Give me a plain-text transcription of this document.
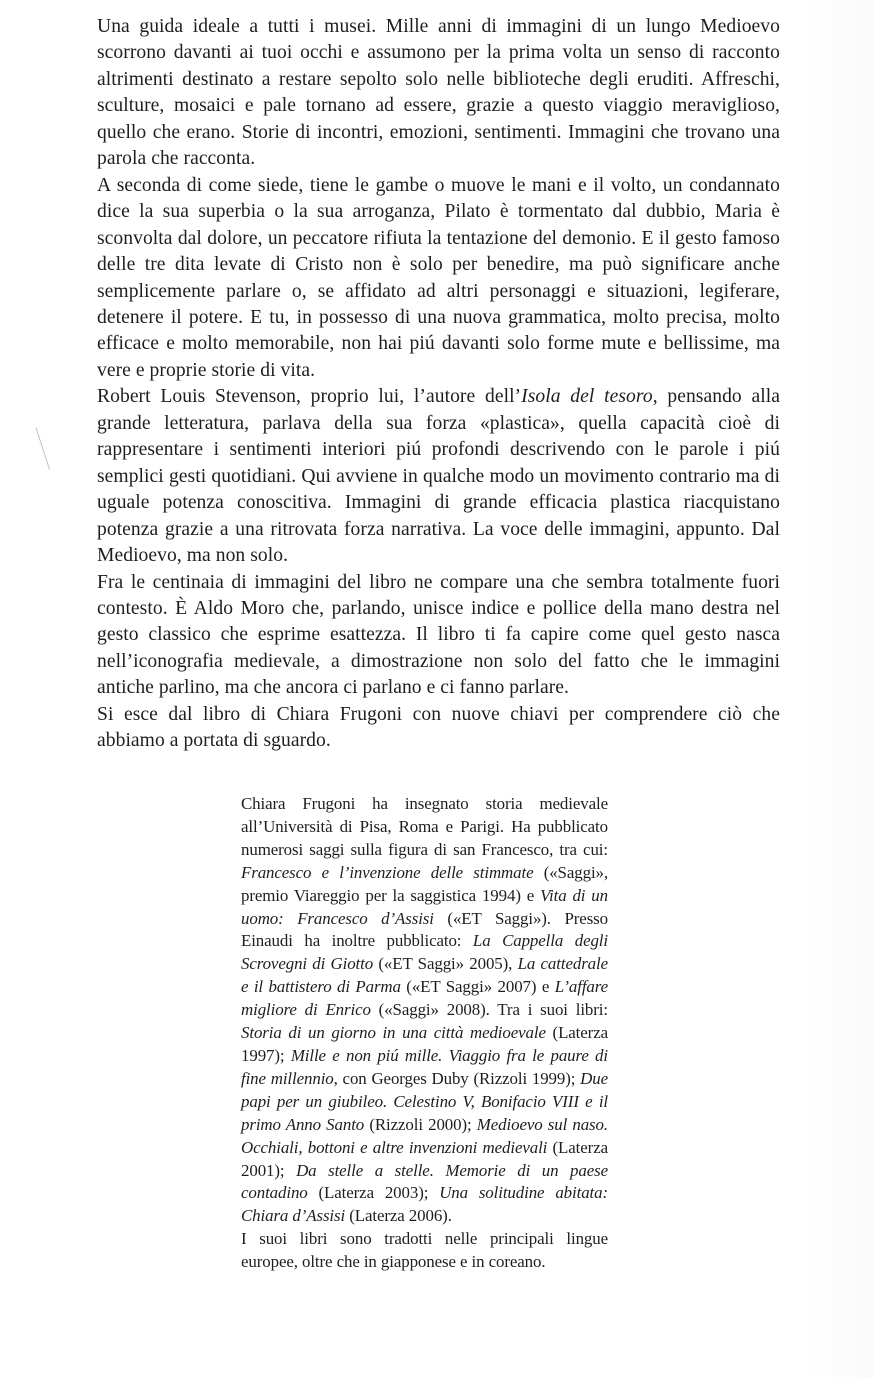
Una guida ideale a tutti i musei. Mille anni di immagini di un lungo Medioevo scorrono davanti ai tuoi occhi e assumono per la prima volta un senso di racconto altrimenti destinato a restare sepolto solo nelle biblioteche degli eruditi. Affreschi, sculture, mosaici e pale tornano ad essere, grazie a questo viaggio meraviglioso, quello che erano. Storie di incontri, emozioni, sentimenti. Immagini che trovano una parola che racconta.

A seconda di come siede, tiene le gambe o muove le mani e il volto, un condannato dice la sua superbia o la sua arroganza, Pilato è tormentato dal dubbio, Maria è sconvolta dal dolore, un peccatore rifiuta la tentazione del demonio. E il gesto famoso delle tre dita levate di Cristo non è solo per benedire, ma può significare anche semplicemente parlare o, se affidato ad altri personaggi e situazioni, legiferare, detenere il potere. E tu, in possesso di una nuova grammatica, molto precisa, molto efficace e molto memorabile, non hai piú davanti solo forme mute e bellissime, ma vere e proprie storie di vita.

Robert Louis Stevenson, proprio lui, l’autore dell’Isola del tesoro, pensando alla grande letteratura, parlava della sua forza «plastica», quella capacità cioè di rappresentare i sentimenti interiori piú profondi descrivendo con le parole i piú semplici gesti quotidiani. Qui avviene in qualche modo un movimento contrario ma di uguale potenza conoscitiva. Immagini di grande efficacia plastica riacquistano potenza grazie a una ritrovata forza narrativa. La voce delle immagini, appunto. Dal Medioevo, ma non solo.

Fra le centinaia di immagini del libro ne compare una che sembra totalmente fuori contesto. È Aldo Moro che, parlando, unisce indice e pollice della mano destra nel gesto classico che esprime esattezza. Il libro ti fa capire come quel gesto nasca nell’iconografia medievale, a dimostrazione non solo del fatto che le immagini antiche parlino, ma che ancora ci parlano e ci fanno parlare.

Si esce dal libro di Chiara Frugoni con nuove chiavi per comprendere ciò che abbiamo a portata di sguardo.

Chiara Frugoni ha insegnato storia medievale all’Università di Pisa, Roma e Parigi. Ha pubblicato numerosi saggi sulla figura di san Francesco, tra cui: Francesco e l’invenzione delle stimmate («Saggi», premio Viareggio per la saggistica 1994) e Vita di un uomo: Francesco d’Assisi («ET Saggi»). Presso Einaudi ha inoltre pubblicato: La Cappella degli Scrovegni di Giotto («ET Saggi» 2005), La cattedrale e il battistero di Parma («ET Saggi» 2007) e L’affare migliore di Enrico («Saggi» 2008). Tra i suoi libri: Storia di un giorno in una città medioevale (Laterza 1997); Mille e non piú mille. Viaggio fra le paure di fine millennio, con Georges Duby (Rizzoli 1999); Due papi per un giubileo. Celestino V, Bonifacio VIII e il primo Anno Santo (Rizzoli 2000); Medioevo sul naso. Occhiali, bottoni e altre invenzioni medievali (Laterza 2001); Da stelle a stelle. Memorie di un paese contadino (Laterza 2003); Una solitudine abitata: Chiara d’Assisi (Laterza 2006).

I suoi libri sono tradotti nelle principali lingue europee, oltre che in giapponese e in coreano.
